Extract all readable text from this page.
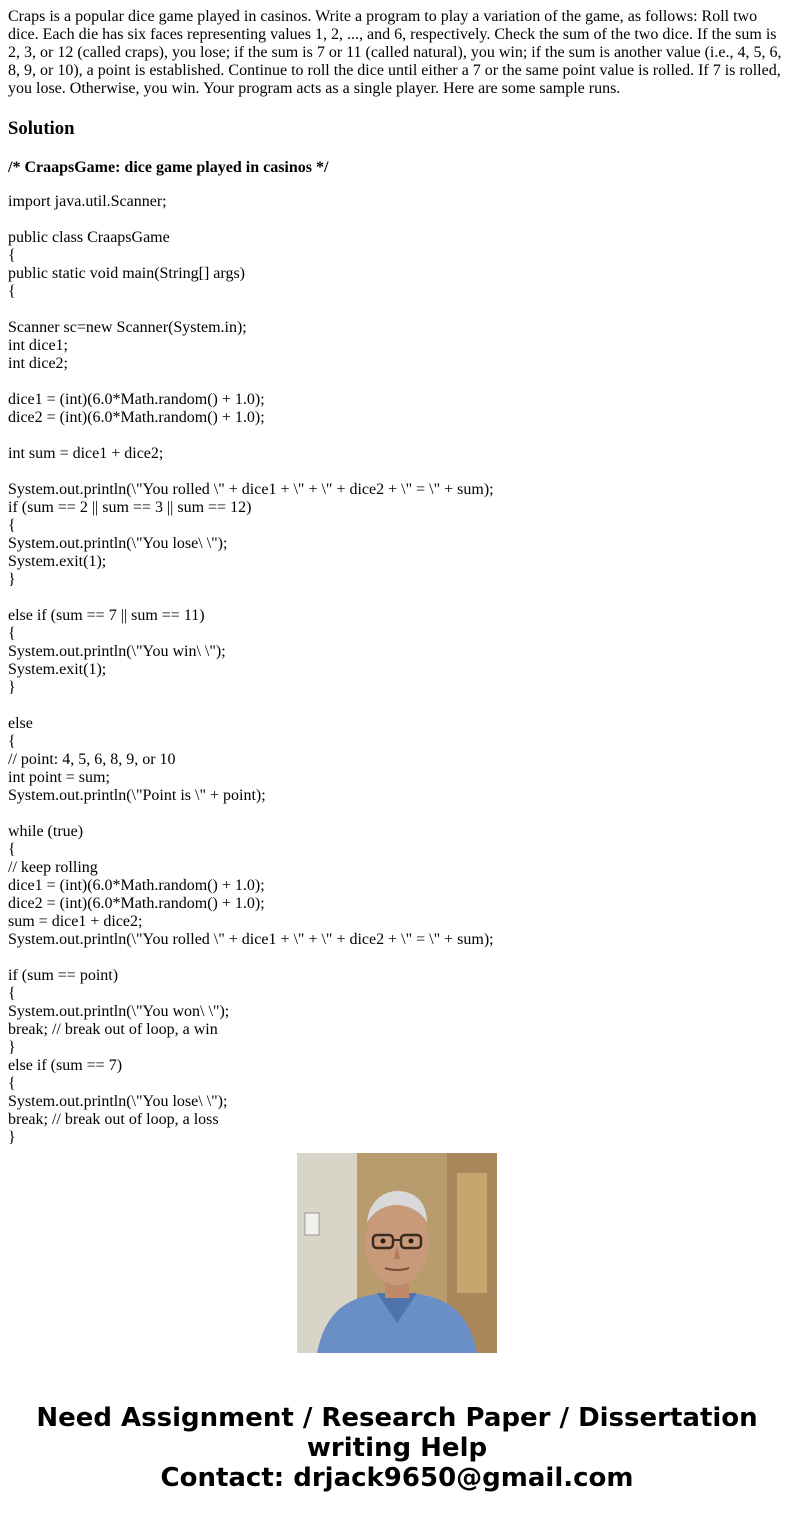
Craps is a popular dice game played in casinos. Write a program to play a variation of the game, as follows: Roll two dice. Each die has six faces representing values 1, 2, ..., and 6, respectively. Check the sum of the two dice. If the sum is 2, 3, or 12 (called craps), you lose; if the sum is 7 or 11 (called natural), you win; if the sum is another value (i.e., 4, 5, 6, 8, 9, or 10), a point is established. Continue to roll the dice until either a 7 or the same point value is rolled. If 7 is rolled, you lose. Otherwise, you win. Your program acts as a single player. Here are some sample runs.

Solution
/* CraapsGame: dice game played in casinos */
import java.util.Scanner;
public class CraapsGame
{
public static void main(String[] args)
{
Scanner sc=new Scanner(System.in);
int dice1;
int dice2;
dice1 = (int)(6.0*Math.random() + 1.0);
dice2 = (int)(6.0*Math.random() + 1.0);
int sum = dice1 + dice2;
System.out.println(\"You rolled \" + dice1 + \" + \" + dice2 + \" = \" + sum);
if (sum == 2 || sum == 3 || sum == 12)
{
System.out.println(\"You lose\ \");
System.exit(1);
}
else if (sum == 7 || sum == 11)
{
System.out.println(\"You win\ \");
System.exit(1);
}
else
{
// point: 4, 5, 6, 8, 9, or 10
int point = sum;
System.out.println(\"Point is \" + point);
while (true)
{
// keep rolling
dice1 = (int)(6.0*Math.random() + 1.0);
dice2 = (int)(6.0*Math.random() + 1.0);
sum = dice1 + dice2;
System.out.println(\"You rolled \" + dice1 + \" + \" + dice2 + \" = \" + sum);
if (sum == point)
{
System.out.println(\"You won\ \");
break; // break out of loop, a win
}
else if (sum == 7)
{
System.out.println(\"You lose\ \");
break; // break out of loop, a loss
}
Need Assignment / Research Paper / Dissertation
writing Help
Contact: drjack9650@gmail.com
